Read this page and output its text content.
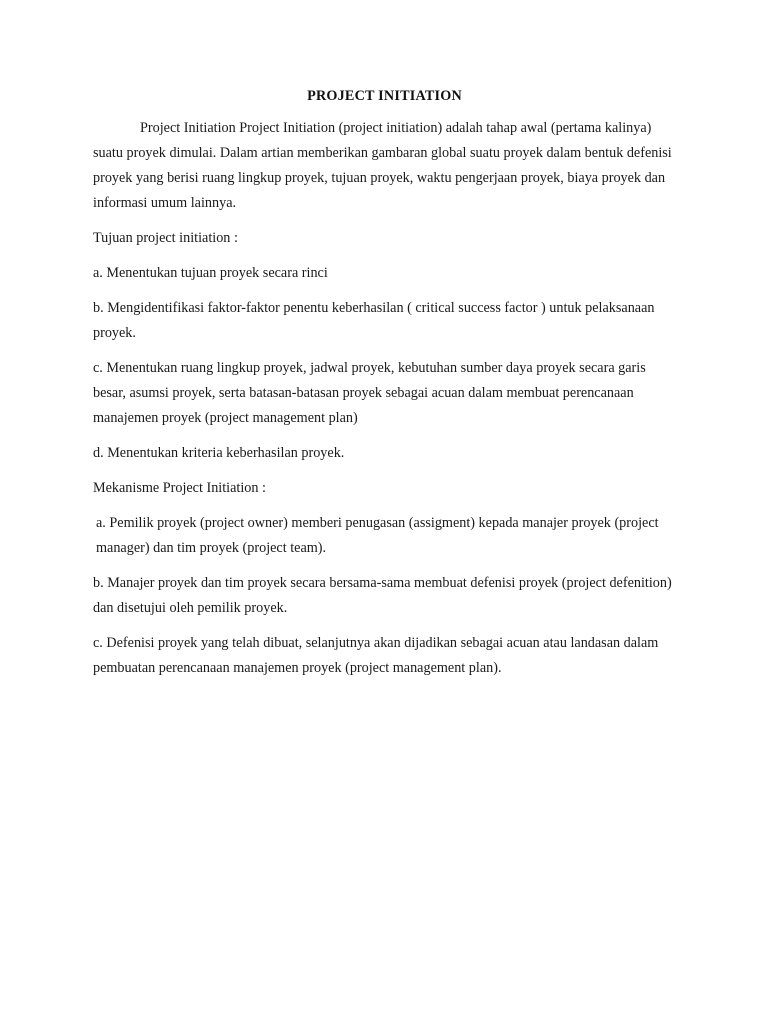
PROJECT INITIATION

Project Initiation Project Initiation (project initiation) adalah tahap awal (pertama kalinya) suatu proyek dimulai. Dalam artian memberikan gambaran global suatu proyek dalam bentuk defenisi proyek yang berisi ruang lingkup proyek, tujuan proyek, waktu pengerjaan proyek, biaya proyek dan informasi umum lainnya.

Tujuan project initiation :

a. Menentukan tujuan proyek secara rinci

b. Mengidentifikasi faktor-faktor penentu keberhasilan ( critical success factor ) untuk pelaksanaan proyek.

c. Menentukan ruang lingkup proyek, jadwal proyek, kebutuhan sumber daya proyek secara garis besar, asumsi proyek, serta batasan-batasan proyek sebagai acuan dalam membuat perencanaan manajemen proyek (project management plan)

d. Menentukan kriteria keberhasilan proyek.

Mekanisme Project Initiation :

a. Pemilik proyek (project owner) memberi penugasan (assigment) kepada manajer proyek (project manager) dan tim proyek (project team).

b. Manajer proyek dan tim proyek secara bersama-sama membuat defenisi proyek (project defenition) dan disetujui oleh pemilik proyek.

c. Defenisi proyek yang telah dibuat, selanjutnya akan dijadikan sebagai acuan atau landasan dalam pembuatan perencanaan manajemen proyek (project management plan).
